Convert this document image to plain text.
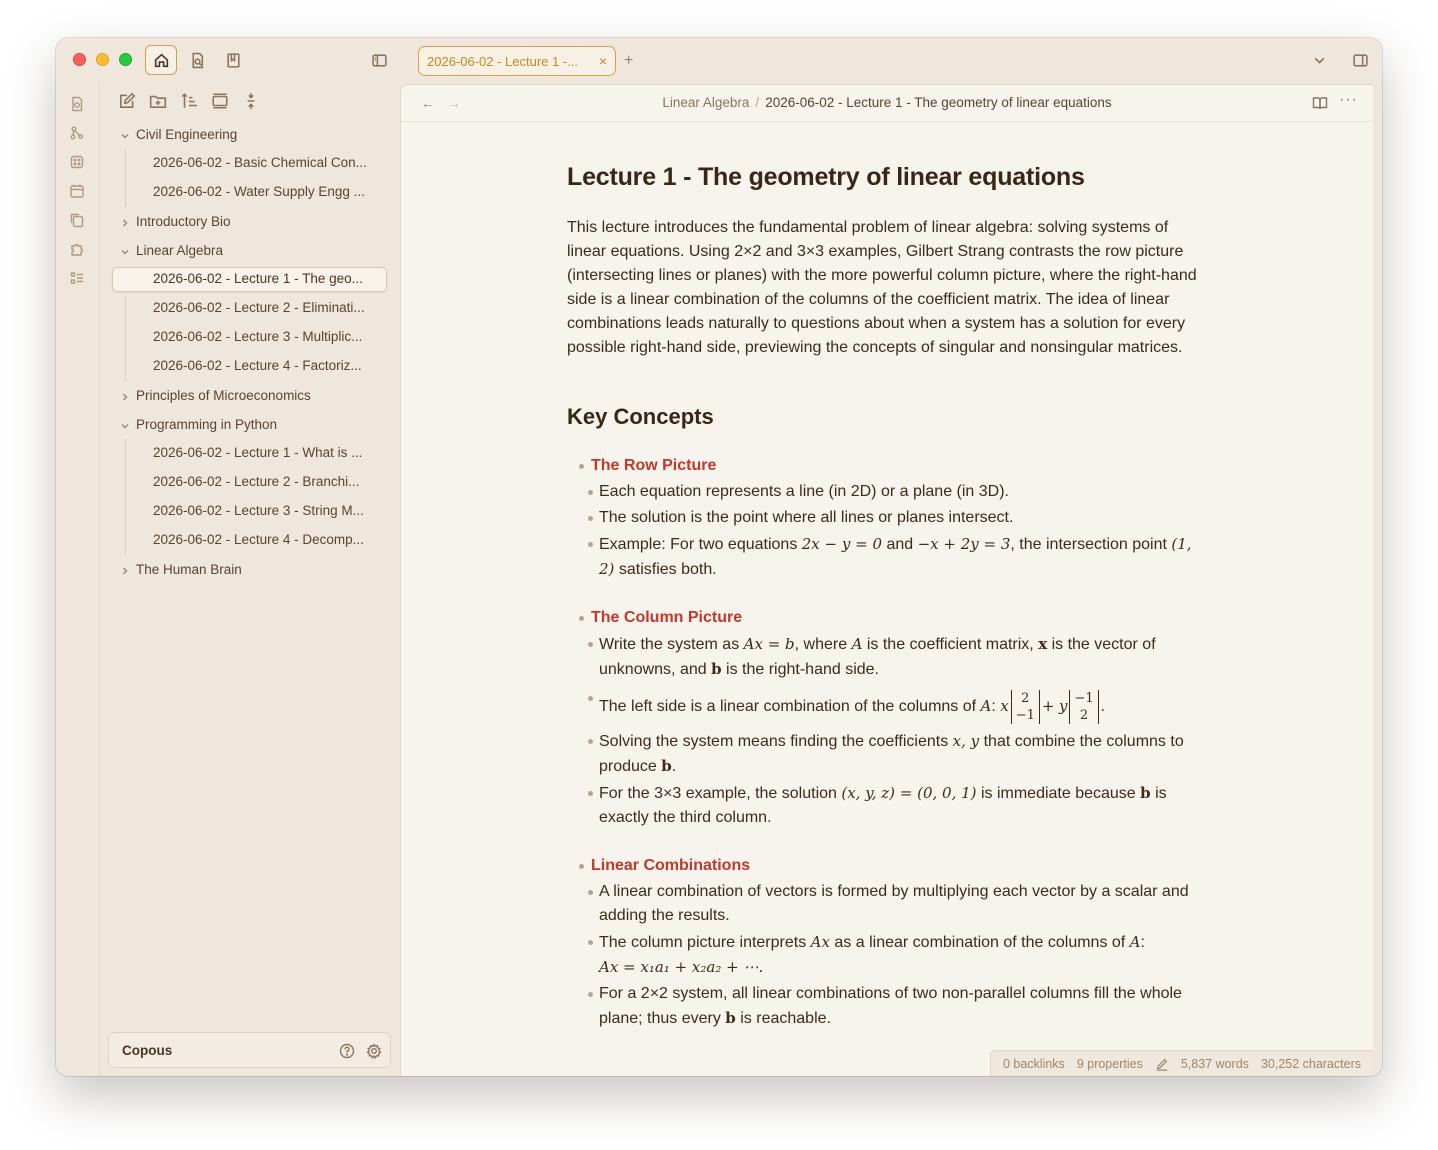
2026-06-02 - Lecture 1 -...	× +
Civil Engineering
2026-06-02 - Basic Chemical Con...
2026-06-02 - Water Supply Engg ...
Introductory Bio
Linear Algebra
2026-06-02 - Lecture 1 - The geo...
2026-06-02 - Lecture 2 - Eliminati...
2026-06-02 - Lecture 3 - Multiplic...
2026-06-02 - Lecture 4 - Factoriz...
Principles of Microeconomics
Programming in Python
2026-06-02 - Lecture 1 - What is ...
2026-06-02 - Lecture 2 - Branchi...
2026-06-02 - Lecture 3 - String M...
2026-06-02 - Lecture 4 - Decomp...
The Human Brain
Copous
← →	Linear Algebra / 2026-06-02 - Lecture 1 - The geometry of linear equations	···
Lecture 1 - The geometry of linear equations

This lecture introduces the fundamental problem of linear algebra: solving systems of linear equations. Using 2×2 and 3×3 examples, Gilbert Strang contrasts the row picture (intersecting lines or planes) with the more powerful column picture, where the right-hand side is a linear combination of the columns of the coefficient matrix. The idea of linear combinations leads naturally to questions about when a system has a solution for every possible right-hand side, previewing the concepts of singular and nonsingular matrices.

Key Concepts
The Row Picture
Each equation represents a line (in 2D) or a plane (in 3D).
The solution is the point where all lines or planes intersect.
Example: For two equations 2x − y = 0 and −x + 2y = 3, the intersection point (1, 2) satisfies both.
The Column Picture
Write the system as Ax = b, where A is the coefficient matrix, x is the vector of unknowns, and b is the right-hand side.
The left side is a linear combination of the columns of A: x 2
−1+ y −1
2.
Solving the system means finding the coefficients x, y that combine the columns to produce b.
For the 3×3 example, the solution (x, y, z) = (0, 0, 1) is immediate because b is exactly the third column.
Linear Combinations
A linear combination of vectors is formed by multiplying each vector by a scalar and adding the results.
The column picture interprets Ax as a linear combination of the columns of A:
Ax = x₁a₁ + x₂a₂ + ⋯.
For a 2×2 system, all linear combinations of two non-parallel columns fill the whole plane; thus every b is reachable.
0 backlinks 9 properties	5,837 words 30,252 characters
